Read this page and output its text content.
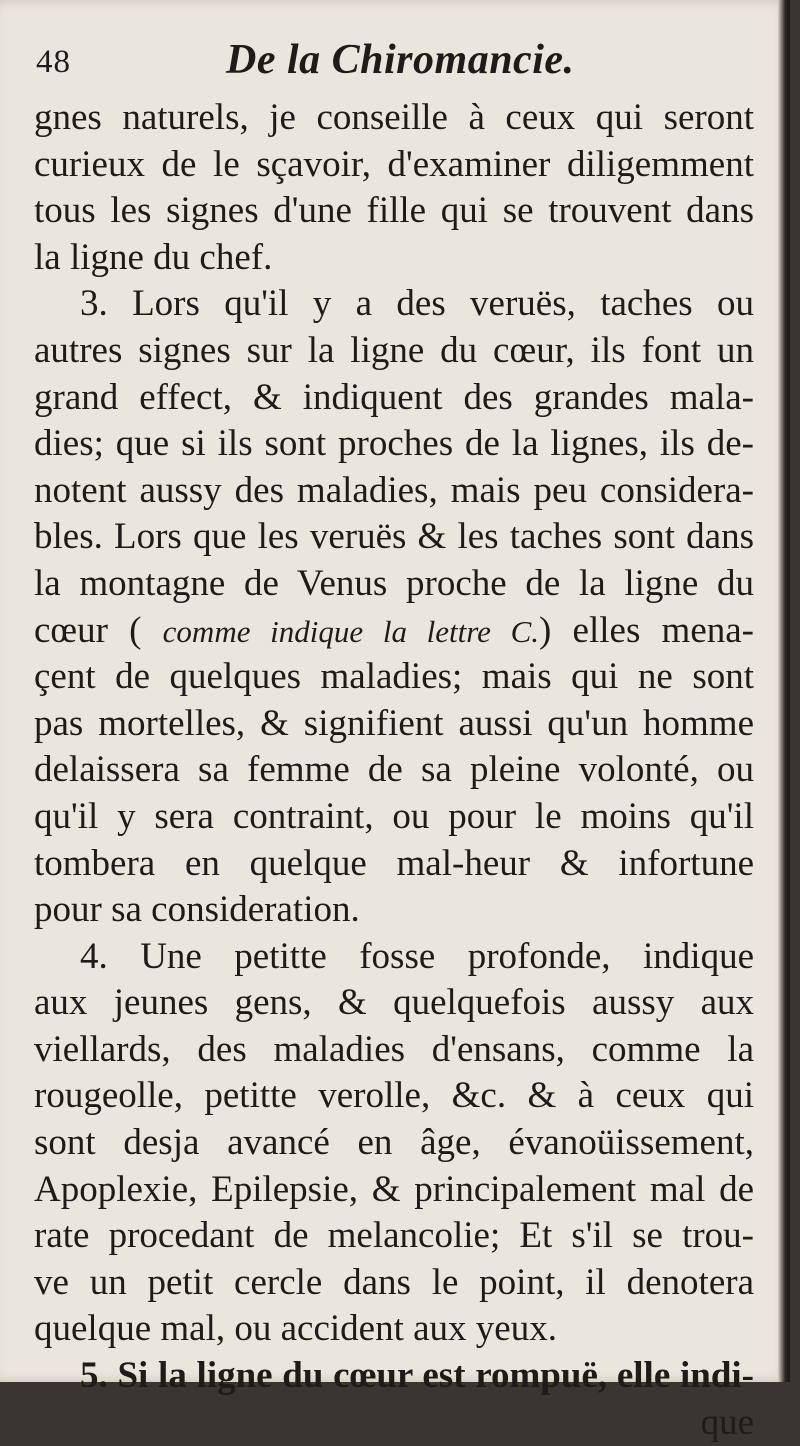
48	De la Chiromancie.
gnes naturels, je conseille à ceux qui seront
curieux de le sçavoir, d'examiner diligemment
tous les signes d'une fille qui se trouvent dans
la ligne du chef.
3. Lors qu'il y a des veruës, taches ou
autres signes sur la ligne du cœur, ils font un
grand effect, & indiquent des grandes mala-
dies; que si ils sont proches de la lignes, ils de-
notent aussy des maladies, mais peu considera-
bles. Lors que les veruës & les taches sont dans
la montagne de Venus proche de la ligne du
cœur ( comme indique la lettre C.) elles mena-
çent de quelques maladies; mais qui ne sont
pas mortelles, & signifient aussi qu'un homme
delaissera sa femme de sa pleine volonté, ou
qu'il y sera contraint, ou pour le moins qu'il
tombera en quelque mal-heur & infortune
pour sa consideration.
4. Une petitte fosse profonde, indique
aux jeunes gens, & quelquefois aussy aux
viellards, des maladies d'ensans, comme la
rougeolle, petitte verolle, &c. & à ceux qui
sont desja avancé en âge, évanoüissement,
Apoplexie, Epilepsie, & principalement mal de
rate procedant de melancolie; Et s'il se trou-
ve un petit cercle dans le point, il denotera
quelque mal, ou accident aux yeux.
5. Si la ligne du cœur est rompuë, elle indi-
que
